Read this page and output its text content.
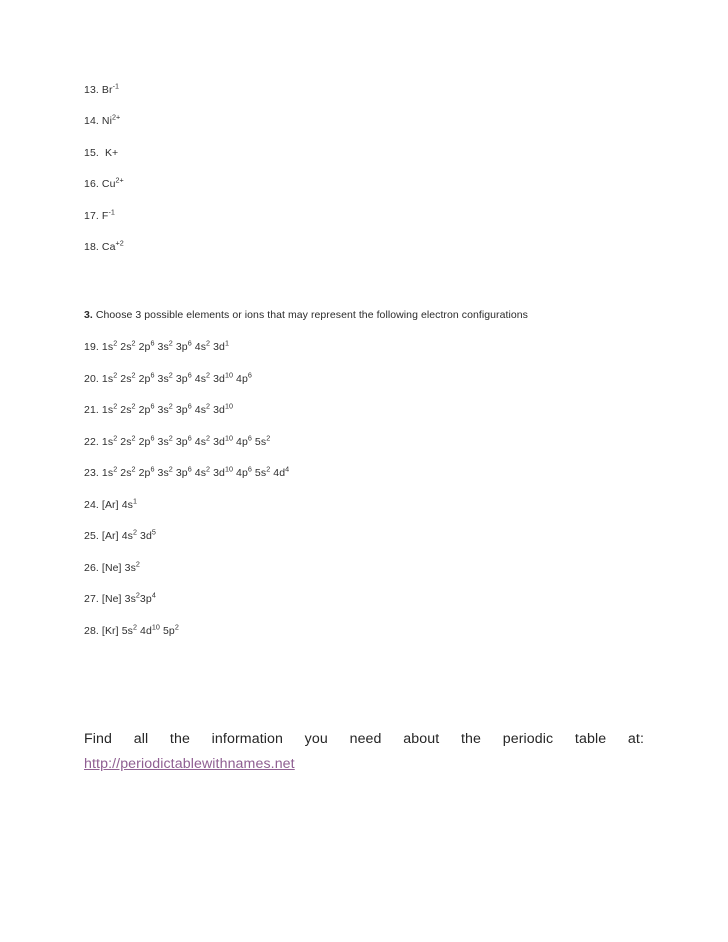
13. $Br^{-1}$
14. $Ni^{2+}$
15.  K+
16. $Cu^{2+}$
17. $F^{-1}$
18. $Ca^{+2}$
3. Choose 3 possible elements or ions that may represent the following electron configurations
19. $1s^2$ $2s^2$ $2p^6$ $3s^2$ $3p^6$ $4s^2$ $3d^1$
20. $1s^2$ $2s^2$ $2p^6$ $3s^2$ $3p^6$ $4s^2$ $3d^{10}$ $4p^6$
21. $1s^2$ $2s^2$ $2p^6$ $3s^2$ $3p^6$ $4s^2$ $3d^{10}$
22. $1s^2$ $2s^2$ $2p^6$ $3s^2$ $3p^6$ $4s^2$ $3d^{10}$ $4p^6$ $5s^2$
23. $1s^2$ $2s^2$ $2p^6$ $3s^2$ $3p^6$ $4s^2$ $3d^{10}$ $4p^6$ $5s^2$ $4d^4$
24. [Ar] $4s^1$
25. [Ar] $4s^2$ $3d^5$
26. [Ne] $3s^2$
27. [Ne] $3s^23p^4$
28. [Kr] $5s^2$ $4d^{10}$ $5p^2$
Find all the information you need about the periodic table at:
http://periodictablewithnames.net
